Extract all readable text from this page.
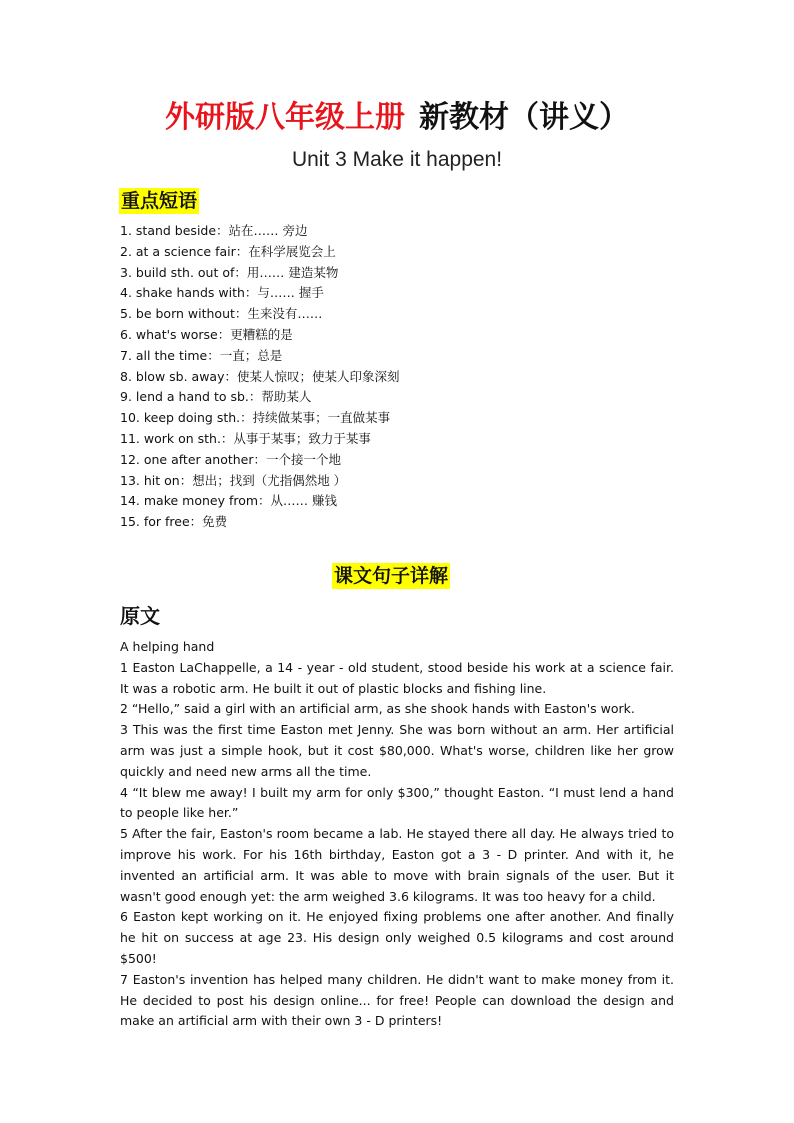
外研版八年级上册 新教材（讲义）
Unit 3 Make it happen!
重点短语
1. stand beside：站在…… 旁边
2. at a science fair：在科学展览会上
3. build sth. out of：用…… 建造某物
4. shake hands with：与…… 握手
5. be born without：生来没有……
6. what's worse：更糟糕的是
7. all the time：一直；总是
8. blow sb. away：使某人惊叹；使某人印象深刻
9. lend a hand to sb.：帮助某人
10. keep doing sth.：持续做某事；一直做某事
11. work on sth.：从事于某事；致力于某事
12. one after another：一个接一个地
13. hit on：想出；找到（尤指偶然地 ）
14. make money from：从…… 赚钱
15. for free：免费
课文句子详解
原文

A helping hand

1 Easton LaChappelle, a 14 - year - old student, stood beside his work at a science fair. It was a robotic arm. He built it out of plastic blocks and fishing line.

2 “Hello,” said a girl with an artificial arm, as she shook hands with Easton's work.

3 This was the first time Easton met Jenny. She was born without an arm. Her artificial arm was just a simple hook, but it cost $80,000. What's worse, children like her grow quickly and need new arms all the time.

4 “It blew me away! I built my arm for only $300,” thought Easton. “I must lend a hand to people like her.”

5 After the fair, Easton's room became a lab. He stayed there all day. He always tried to improve his work. For his 16th birthday, Easton got a 3 - D printer. And with it, he invented an artificial arm. It was able to move with brain signals of the user. But it wasn't good enough yet: the arm weighed 3.6 kilograms. It was too heavy for a child.

6 Easton kept working on it. He enjoyed fixing problems one after another. And finally he hit on success at age 23. His design only weighed 0.5 kilograms and cost around $500!

7 Easton's invention has helped many children. He didn't want to make money from it. He decided to post his design online... for free! People can download the design and make an artificial arm with their own 3 - D printers!
